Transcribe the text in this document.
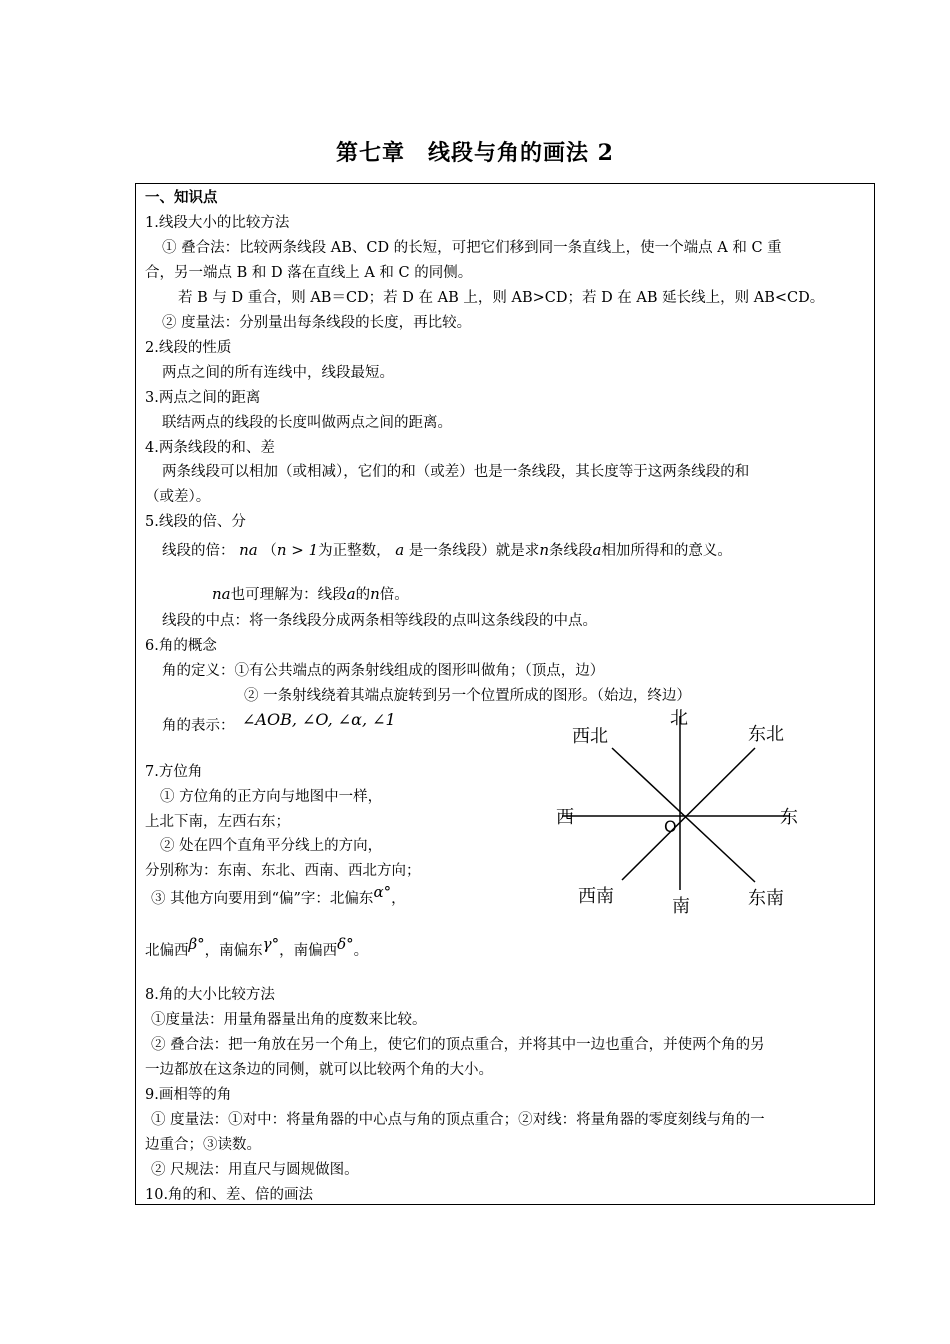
第七章　线段与角的画法 2
一、知识点
1.线段大小的比较方法
① 叠合法：比较两条线段 AB、CD 的长短，可把它们移到同一条直线上，使一个端点 A 和 C 重
合，另一端点 B 和 D 落在直线上 A 和 C 的同侧。
若 B 与 D 重合，则 AB＝CD；若 D 在 AB 上，则 AB>CD；若 D 在 AB 延长线上，则 AB<CD。
② 度量法：分别量出每条线段的长度，再比较。
2.线段的性质
两点之间的所有连线中，线段最短。
3.两点之间的距离
联结两点的线段的长度叫做两点之间的距离。
4.两条线段的和、差
两条线段可以相加（或相减），它们的和（或差）也是一条线段，其长度等于这两条线段的和
（或差）。
5.线段的倍、分
线段的倍： na （n > 1为正整数， a 是一条线段）就是求n条线段a相加所得和的意义。
na也可理解为：线段a的n倍。
线段的中点：将一条线段分成两条相等线段的点叫这条线段的中点。
6.角的概念
角的定义：①有公共端点的两条射线组成的图形叫做角；（顶点，边）
② 一条射线绕着其端点旋转到另一个位置所成的图形。（始边，终边）
角的表示： ∠AOB, ∠O, ∠α, ∠1
7.方位角
① 方位角的正方向与地图中一样，
上北下南，左西右东；
② 处在四个直角平分线上的方向，
分别称为：东南、东北、西南、西北方向；
③ 其他方向要用到“偏”字：北偏东α°，
北偏西β°，南偏东γ°，南偏西δ°。
北
南
西	东
西北	东北
西南	东南
O
8.角的大小比较方法
①度量法：用量角器量出角的度数来比较。
② 叠合法：把一角放在另一个角上，使它们的顶点重合，并将其中一边也重合，并使两个角的另
一边都放在这条边的同侧，就可以比较两个角的大小。
9.画相等的角
① 度量法：①对中：将量角器的中心点与角的顶点重合；②对线：将量角器的零度刻线与角的一
边重合；③读数。
② 尺规法：用直尺与圆规做图。
10.角的和、差、倍的画法
